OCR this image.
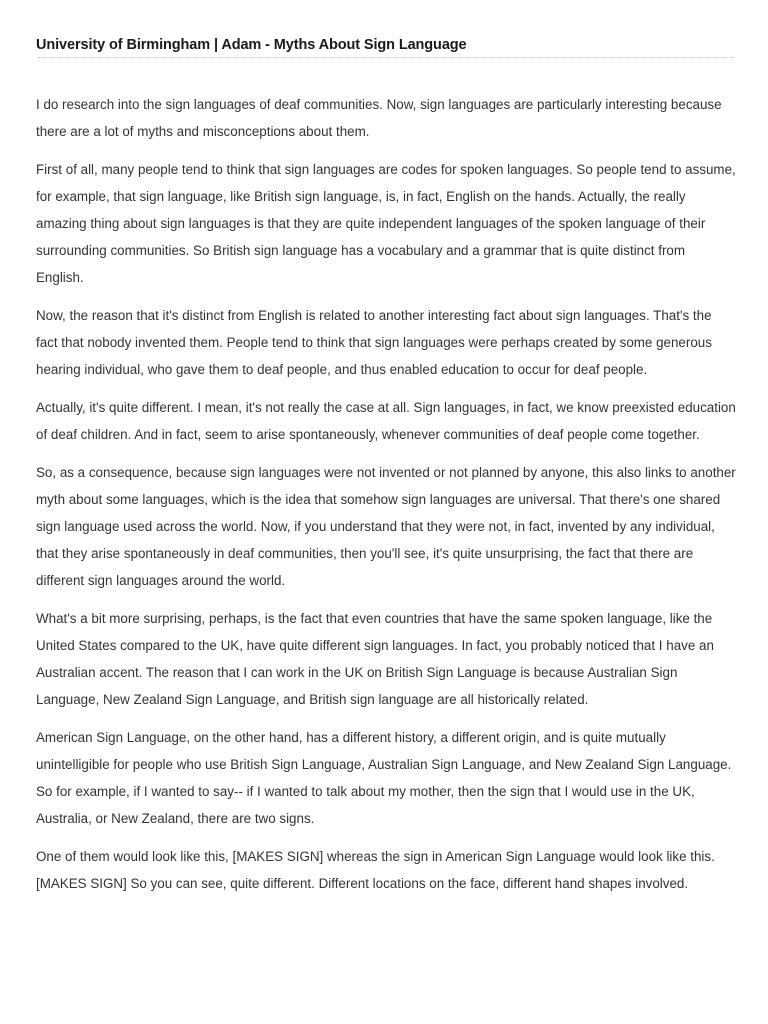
University of Birmingham | Adam - Myths About Sign Language

I do research into the sign languages of deaf communities. Now, sign languages are particularly interesting because there are a lot of myths and misconceptions about them.

First of all, many people tend to think that sign languages are codes for spoken languages. So people tend to assume, for example, that sign language, like British sign language, is, in fact, English on the hands. Actually, the really amazing thing about sign languages is that they are quite independent languages of the spoken language of their surrounding communities. So British sign language has a vocabulary and a grammar that is quite distinct from English.

Now, the reason that it's distinct from English is related to another interesting fact about sign languages. That's the fact that nobody invented them. People tend to think that sign languages were perhaps created by some generous hearing individual, who gave them to deaf people, and thus enabled education to occur for deaf people.

Actually, it's quite different. I mean, it's not really the case at all. Sign languages, in fact, we know preexisted education of deaf children. And in fact, seem to arise spontaneously, whenever communities of deaf people come together.

So, as a consequence, because sign languages were not invented or not planned by anyone, this also links to another myth about some languages, which is the idea that somehow sign languages are universal. That there's one shared sign language used across the world. Now, if you understand that they were not, in fact, invented by any individual, that they arise spontaneously in deaf communities, then you'll see, it's quite unsurprising, the fact that there are different sign languages around the world.

What's a bit more surprising, perhaps, is the fact that even countries that have the same spoken language, like the United States compared to the UK, have quite different sign languages. In fact, you probably noticed that I have an Australian accent. The reason that I can work in the UK on British Sign Language is because Australian Sign Language, New Zealand Sign Language, and British sign language are all historically related.

American Sign Language, on the other hand, has a different history, a different origin, and is quite mutually unintelligible for people who use British Sign Language, Australian Sign Language, and New Zealand Sign Language. So for example, if I wanted to say-- if I wanted to talk about my mother, then the sign that I would use in the UK, Australia, or New Zealand, there are two signs.

One of them would look like this, [MAKES SIGN] whereas the sign in American Sign Language would look like this. [MAKES SIGN] So you can see, quite different. Different locations on the face, different hand shapes involved.
